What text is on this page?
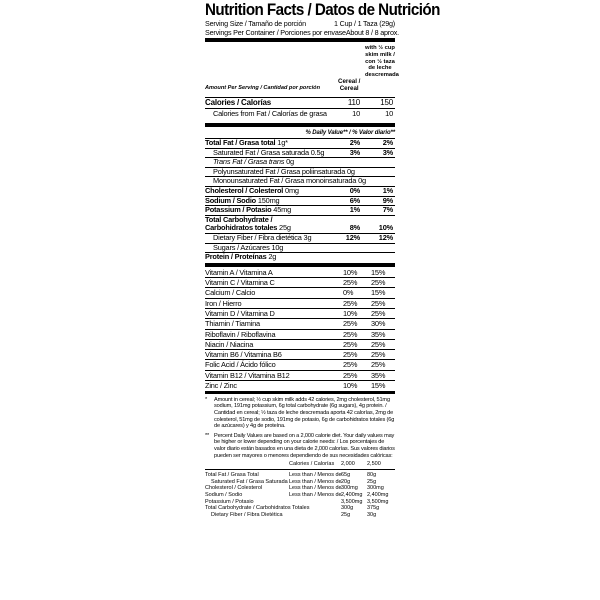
Nutrition Facts / Datos de Nutrición
Serving Size / Tamaño de porción	1 Cup / 1 Taza (29g)
Servings Per Container / Porciones por envase About 8 / 8 aprox.
Amount Per Serving / Cantidad por porción
Cereal /
Cereal
with ½ cup
skim milk /
con ½ taza
de leche
descremada
Calories / Calorías	110	150
Calories from Fat / Calorías de grasa	10	10
% Daily Value** / % Valor diario**
Total Fat / Grasa total 1g*	2%	2%
Saturated Fat / Grasa saturada 0.5g	3%	3%
Trans Fat / Grasa trans 0g
Polyunsaturated Fat / Grasa poliinsaturada 0g
Monounsaturated Fat / Grasa monoinsaturada 0g
Cholesterol / Colesterol 0mg	0%	1%
Sodium / Sodio 150mg	6%	9%
Potassium / Potasio 45mg	1%	7%
Total Carbohydrate /
Carbohidratos totales 25g	8%	10%
Dietary Fiber / Fibra dietética 3g	12%	12%
Sugars / Azúcares 10g
Protein / Proteínas 2g
Vitamin A / Vitamina A	10% 15%
Vitamin C / Vitamina C	25% 25%
Calcium / Calcio	0% 15%
Iron / Hierro	25% 25%
Vitamin D / Vitamina D	10% 25%
Thiamin / Tiamina	25% 30%
Riboflavin / Riboflavina	25% 35%
Niacin / Niacina	25% 25%
Vitamin B6 / Vitamina B6	25% 25%
Folic Acid / Ácido fólico	25% 25%
Vitamin B12 / Vitamina B12	25% 35%
Zinc / Zinc	10% 15%

*	Amount in cereal; ½ cup skim milk adds 42 calories, 2mg cholesterol, 51mg sodium, 191mg potassium, 6g total carbohydrate (6g sugars), 4g protein. / Cantidad en cereal; ½ taza de leche descremada aporta 42 calorías, 2mg de colesterol, 51mg de sodio, 191mg de potasio, 6g de carbohidratos totales (6g de azúcares) y 4g de proteína.

** Percent Daily Values are based on a 2,000 calorie diet. Your daily values may be higher or lower depending on your calorie needs: / Los porcentajes de valor diario están basados en una dieta de 2,000 calorías. Sus valores diarios pueden ser mayores o menores dependiendo de sus necesidades calóricas:

Calories / Calorías 2,000 2,500
Total Fat / Grasa Total	Less than / Menos de 65g	80g
Saturated Fat / Grasa Saturada Less than / Menos de 20g	25g
Cholesterol / Colesterol	Less than / Menos de 300mg 300mg
Sodium / Sodio	Less than / Menos de 2,400mg 2,400mg
Potassium / Potasio	3,500mg 3,500mg
Total Carbohydrate / Carbohidratos Totales	300g	375g
Dietary Fiber / Fibra Dietética	25g	30g
